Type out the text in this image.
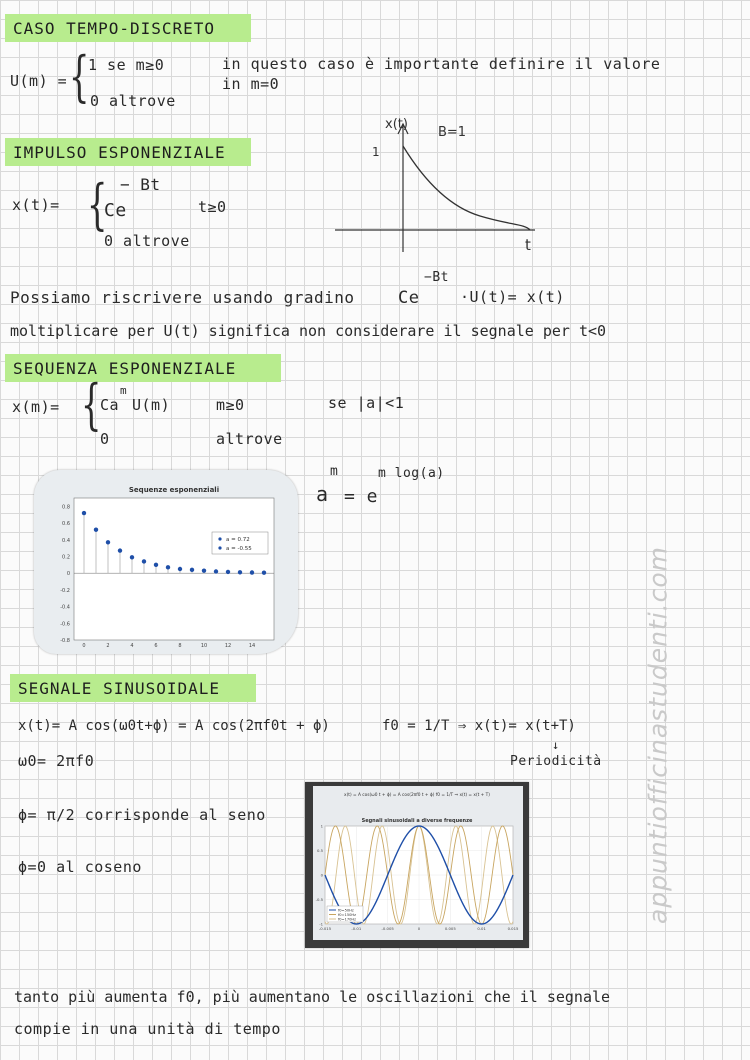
CASO TEMPO-DISCRETO
U(m) = {
1 se m≥0
0 altrove
in questo caso è importante definire il valore
in m=0
IMPULSO ESPONENZIALE
x(t)= {
Ce
− Bt
t≥0
0 altrove
x(t)
B=1
1
t
Possiamo riscrivere usando gradino	Ce
−Bt
·U(t)= x(t)
moltiplicare per U(t) significa non considerare il segnale per t<0
SEQUENZA ESPONENZIALE
x(m)= {
Ca
m
U(m)	m≥0	se |a|<1
0	altrove
a
m
= e
m log(a)
Sequenze esponenziali
-0.8
-0.6
-0.4
-0.2
0
0.2
0.4
0.6
0.8
0	2	4	6	8	10	12	14
a = 0.72
a = -0.55
SEGNALE SINUSOIDALE
x(t)= A cos(ω0t+ϕ) = A cos(2πf0t + ϕ)	f0 = 1/T ⇒ x(t)= x(t+T)
↓
Periodicità
ω0= 2πf0
ϕ= π/2 corrisponde al seno
ϕ=0 al coseno
x(t) = A cos(ω0 t + ϕ) = A cos(2πf0 t + ϕ) f0 = 1/T ⇒ x(t) = x(t + T)
Segnali sinusoidali a diverse frequenze
-0.015	-0.01	-0.005	0	0.005	0.01	0.015
-1
-0.5
0
0.5
1
f0=50Hz
f0=150Hz
f0=170Hz
tanto più aumenta f0, più aumentano le oscillazioni che il segnale
compie in una unità di tempo
appuntiofficinastudenti.com
